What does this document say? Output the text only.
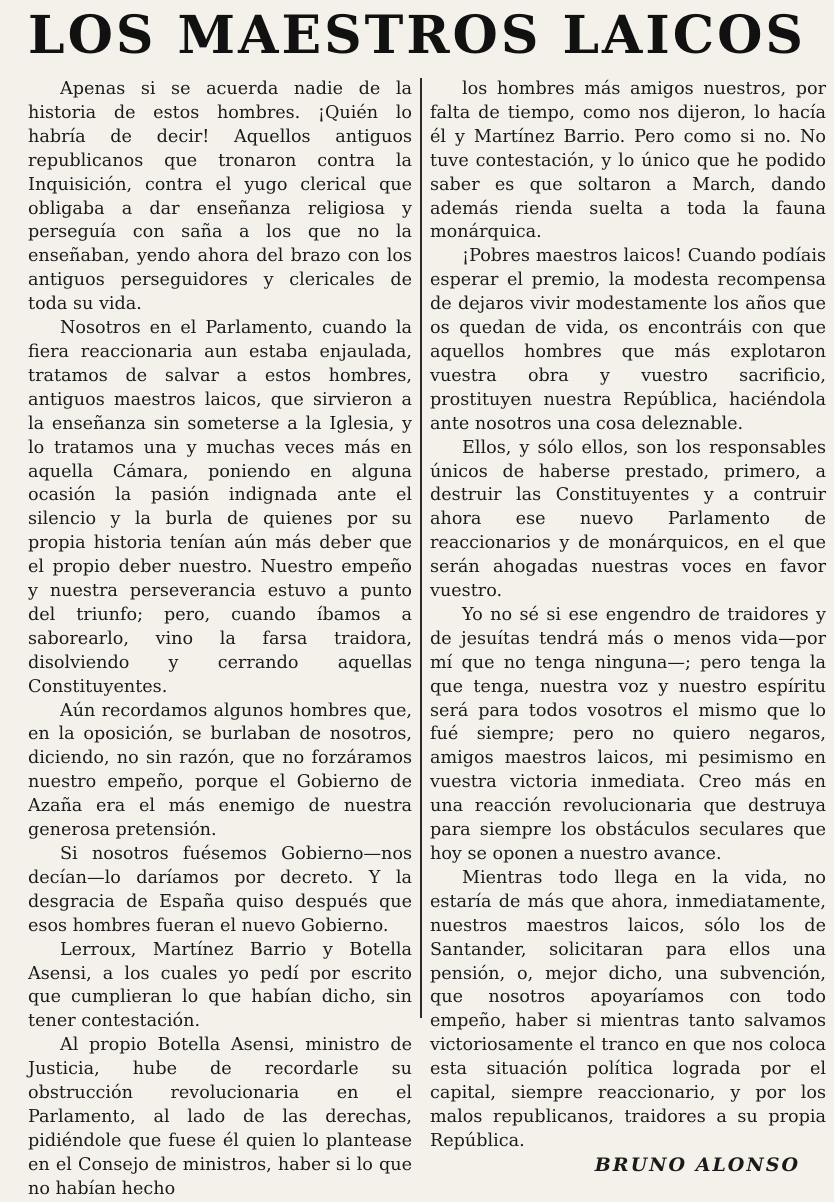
LOS MAESTROS LAICOS

Apenas si se acuerda nadie de la historia de estos hombres. ¡Quién lo habría de decir! Aquellos antiguos republicanos que tronaron contra la Inquisición, contra el yugo clerical que obligaba a dar enseñanza religiosa y perseguía con saña a los que no la enseñaban, yendo ahora del brazo con los antiguos perseguidores y clericales de toda su vida.

Nosotros en el Parlamento, cuando la fiera reaccionaria aun estaba enjaulada, tratamos de salvar a estos hombres, antiguos maestros laicos, que sirvieron a la enseñanza sin someterse a la Iglesia, y lo tratamos una y muchas veces más en aquella Cámara, poniendo en alguna ocasión la pasión indignada ante el silencio y la burla de quienes por su propia historia tenían aún más deber que el propio deber nuestro. Nuestro empeño y nuestra perseverancia estuvo a punto del triunfo; pero, cuando íbamos a saborearlo, vino la farsa traidora, disolviendo y cerrando aquellas Constituyentes.

Aún recordamos algunos hombres que, en la oposición, se burlaban de nosotros, diciendo, no sin razón, que no forzáramos nuestro empeño, porque el Gobierno de Azaña era el más enemigo de nuestra generosa pretensión.

Si nosotros fuésemos Gobierno—nos decían—lo daríamos por decreto. Y la desgracia de España quiso después que esos hombres fueran el nuevo Gobierno.

Lerroux, Martínez Barrio y Botella Asensi, a los cuales yo pedí por escrito que cumplieran lo que habían dicho, sin tener contestación.

Al propio Botella Asensi, ministro de Justicia, hube de recordarle su obstrucción revolucionaria en el Parlamento, al lado de las derechas, pidiéndole que fuese él quien lo plantease en el Consejo de ministros, haber si lo que no habían hecho

los hombres más amigos nuestros, por falta de tiempo, como nos dijeron, lo hacía él y Martínez Barrio. Pero como si no. No tuve contestación, y lo único que he podido saber es que soltaron a March, dando además rienda suelta a toda la fauna monárquica.

¡Pobres maestros laicos! Cuando podíais esperar el premio, la modesta recompensa de dejaros vivir modestamente los años que os quedan de vida, os encontráis con que aquellos hombres que más explotaron vuestra obra y vuestro sacrificio, prostituyen nuestra República, haciéndola ante nosotros una cosa deleznable.

Ellos, y sólo ellos, son los responsables únicos de haberse prestado, primero, a destruir las Constituyentes y a contruir ahora ese nuevo Parlamento de reaccionarios y de monárquicos, en el que serán ahogadas nuestras voces en favor vuestro.

Yo no sé si ese engendro de traidores y de jesuítas tendrá más o menos vida—por mí que no tenga ninguna—; pero tenga la que tenga, nuestra voz y nuestro espíritu será para todos vosotros el mismo que lo fué siempre; pero no quiero negaros, amigos maestros laicos, mi pesimismo en vuestra victoria inmediata. Creo más en una reacción revolucionaria que destruya para siempre los obstáculos seculares que hoy se oponen a nuestro avance.

Mientras todo llega en la vida, no estaría de más que ahora, inmediatamente, nuestros maestros laicos, sólo los de Santander, solicitaran para ellos una pensión, o, mejor dicho, una subvención, que nosotros apoyaríamos con todo empeño, haber si mientras tanto salvamos victoriosamente el tranco en que nos coloca esta situación política lograda por el capital, siempre reaccionario, y por los malos republicanos, traidores a su propia República.

BRUNO ALONSO
